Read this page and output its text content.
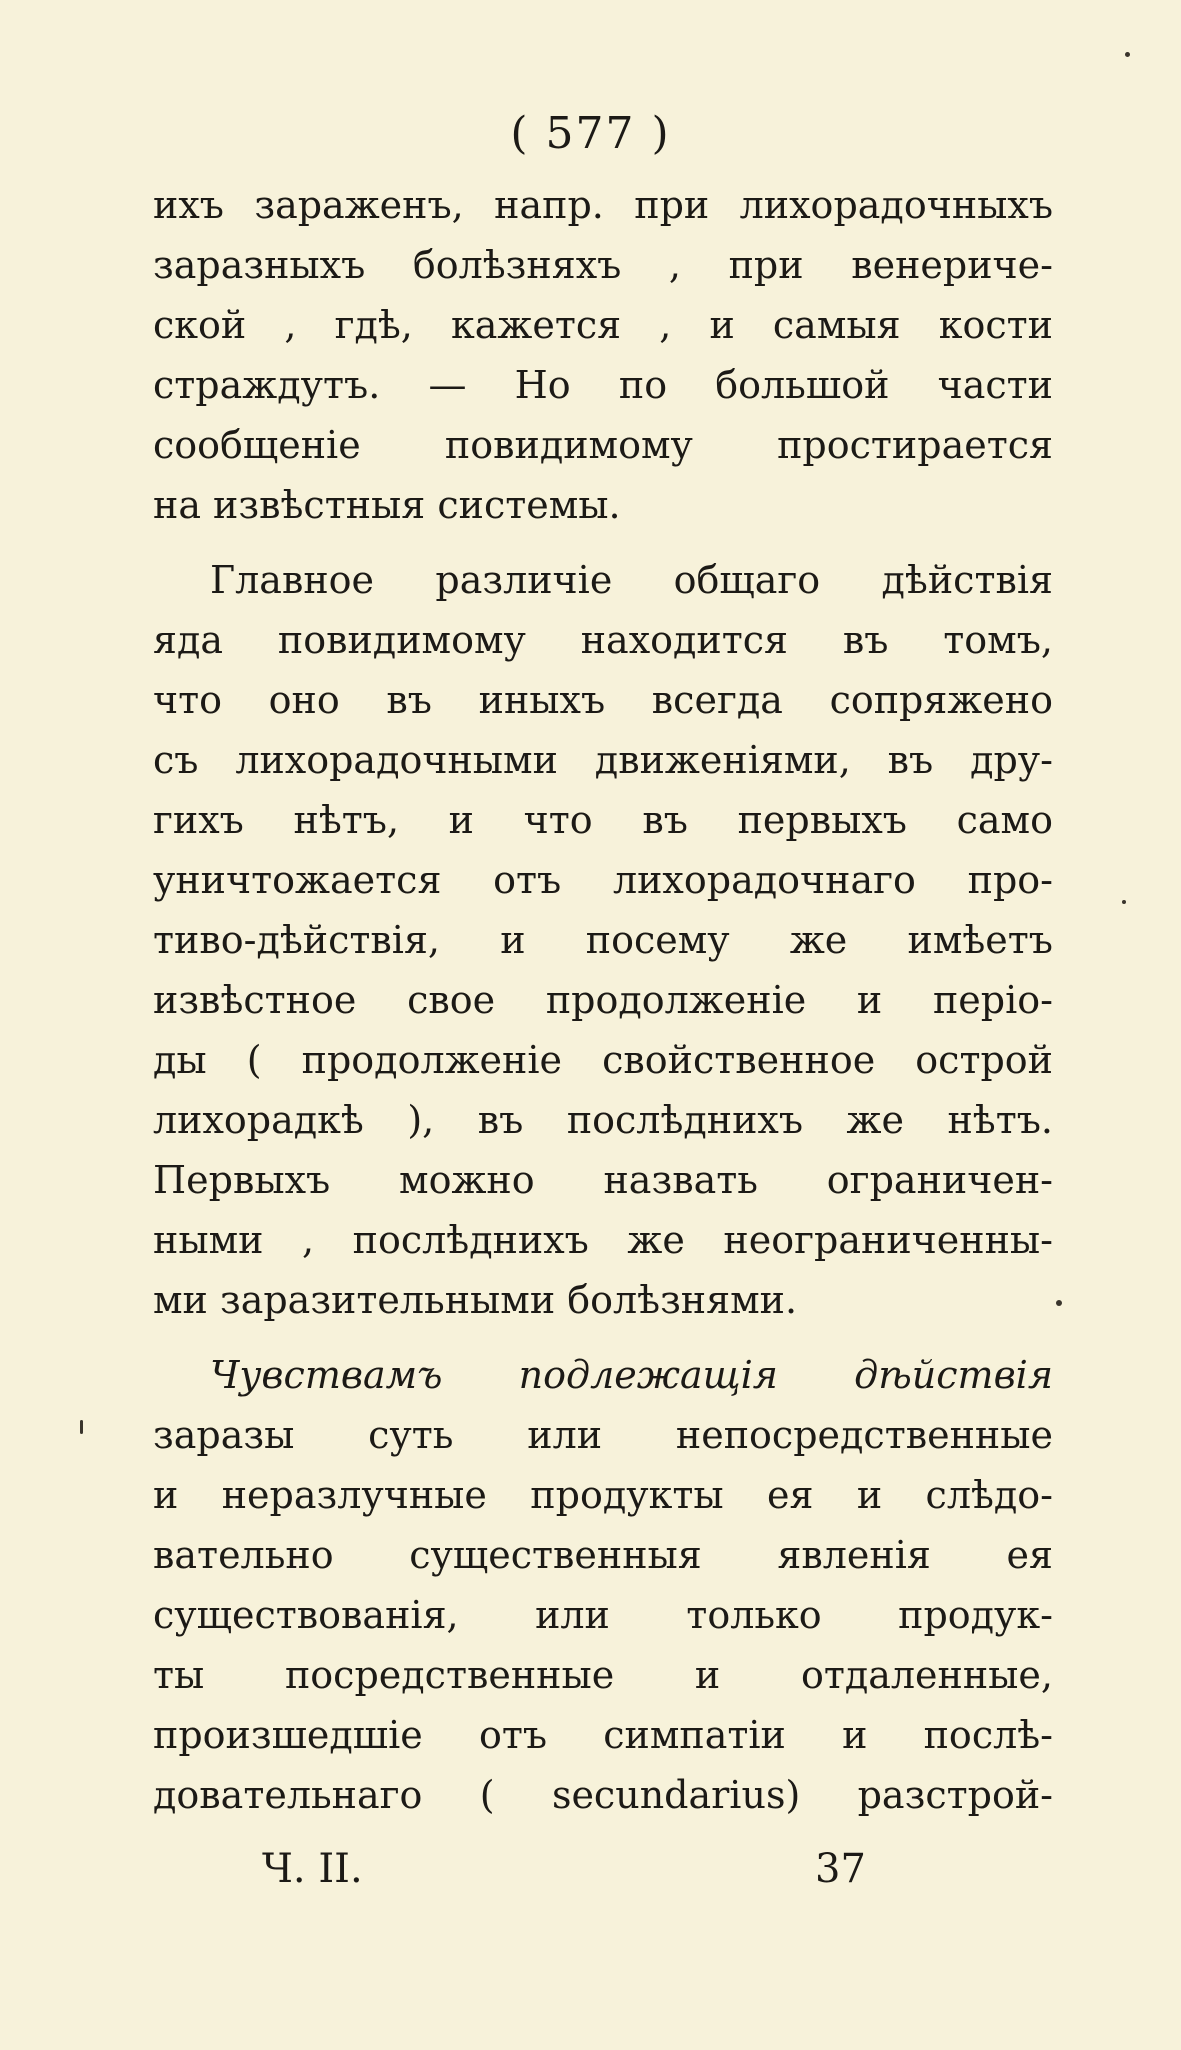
( 577 )
ихъ зараженъ, напр. при лихорадочныхъ
заразныхъ болѣзняхъ , при венериче-
ской , гдѣ, кажется , и самыя кости
страждутъ. — Но по большой части
сообщенiе повидимому простирается
на извѣстныя системы.
Главное различiе общаго дѣйствiя
яда повидимому находится въ томъ,
что оно въ иныхъ всегда сопряжено
съ лихорадочными движенiями, въ дру-
гихъ нѣтъ, и что въ первыхъ само
уничтожается отъ лихорадочнаго про-
тиво-дѣйствiя, и посему же имѣетъ
извѣстное свое продолженiе и перiо-
ды ( продолженiе свойственное острой
лихорадкѣ ), въ послѣднихъ же нѣтъ.
Первыхъ можно назвать ограничен-
ными , послѣднихъ же неограниченны-
ми заразительными болѣзнями.
Чувствамъ подлежащiя дѣйствiя
заразы суть или непосредственные
и неразлучные продукты ея и слѣдо-
вательно существенныя явленiя ея
существованiя, или только продук-
ты посредственные и отдаленные,
произшедшiе отъ симпатiи и послѣ-
довательнаго ( secundarius) разстрой-
Ч. II.	37
